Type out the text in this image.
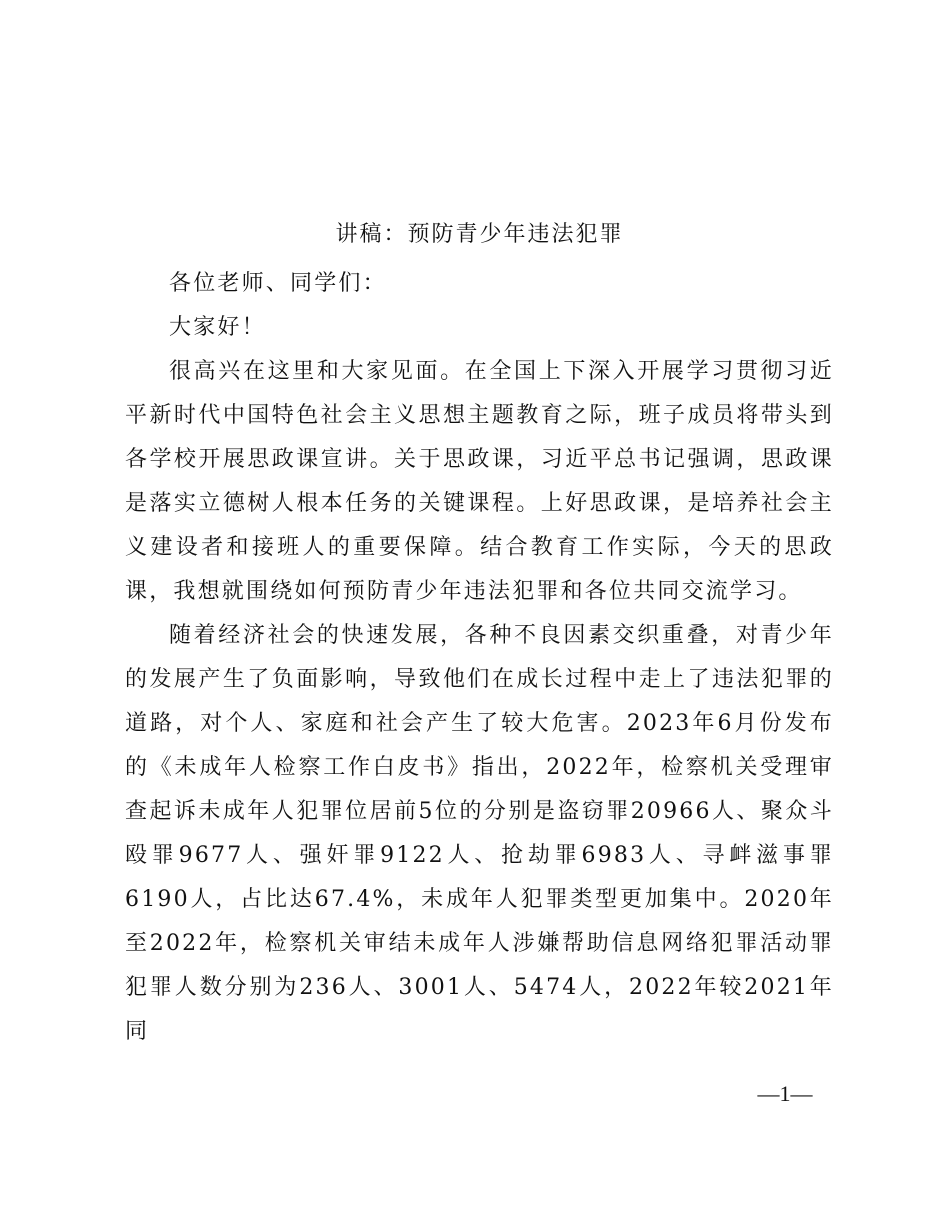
讲稿：预防青少年违法犯罪

各位老师、同学们：

大家好！

很高兴在这里和大家见面。在全国上下深入开展学习贯彻习近平新时代中国特色社会主义思想主题教育之际，班子成员将带头到各学校开展思政课宣讲。关于思政课，习近平总书记强调，思政课是落实立德树人根本任务的关键课程。上好思政课，是培养社会主义建设者和接班人的重要保障。结合教育工作实际，今天的思政课，我想就围绕如何预防青少年违法犯罪和各位共同交流学习。

随着经济社会的快速发展，各种不良因素交织重叠，对青少年的发展产生了负面影响，导致他们在成长过程中走上了违法犯罪的道路，对个人、家庭和社会产生了较大危害。2023年6月份发布的《未成年人检察工作白皮书》指出，2022年，检察机关受理审查起诉未成年人犯罪位居前5位的分别是盗窃罪20966人、聚众斗殴罪9677人、强奸罪9122人、抢劫罪6983人、寻衅滋事罪6190人，占比达67.4%，未成年人犯罪类型更加集中。2020年至2022年，检察机关审结未成年人涉嫌帮助信息网络犯罪活动罪犯罪人数分别为236人、3001人、5474人，2022年较2021年同

—1—
